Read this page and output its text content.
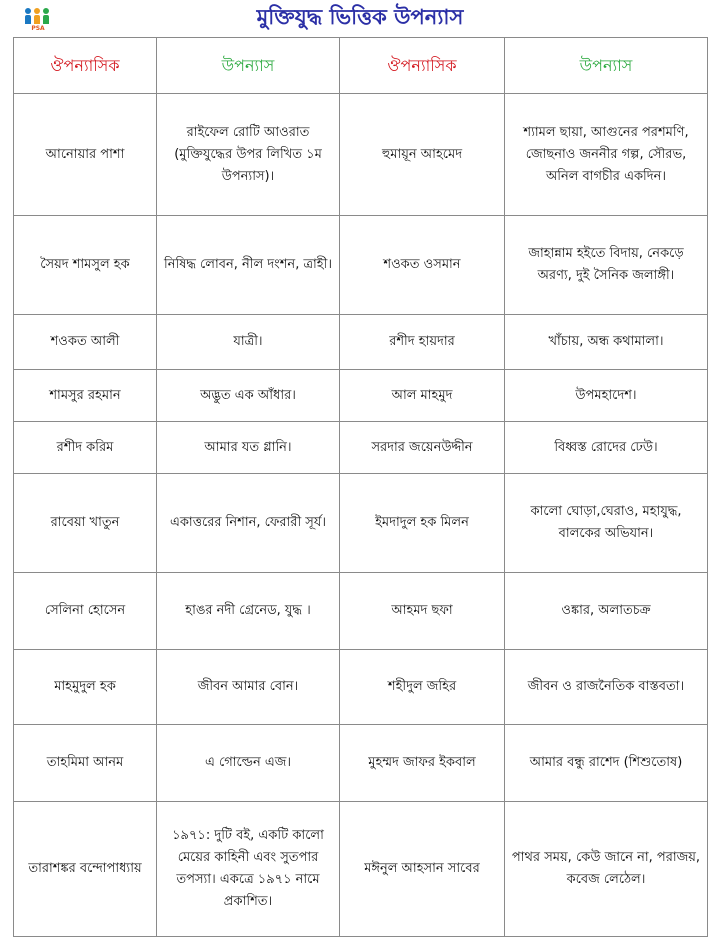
PSA	মুক্তিযুদ্ধ ভিত্তিক উপন্যাস
ঔপন্যাসিক	উপন্যাস	ঔপন্যাসিক	উপন্যাস
আনোয়ার পাশা	রাইফেল রোটি আওরাত (মুক্তিযুদ্ধের উপর লিখিত ১ম উপন্যাস)।	হুমায়ূন আহমেদ	শ্যামল ছায়া, আগুনের পরশমণি, জোছনাও জননীর গল্প, সৌরভ, অনিল বাগচীর একদিন।
সৈয়দ শামসুল হক	নিষিদ্ধ লোবন, নীল দংশন, ত্রাহী।	শওকত ওসমান	জাহান্নাম হইতে বিদায়, নেকড়ে অরণ্য, দুই সৈনিক জলাঙ্গী।
শওকত আলী	যাত্রী।	রশীদ হায়দার	খাঁচায়, অন্ধ কথামালা।
শামসুর রহমান	অদ্ভুত এক আঁধার।	আল মাহমুদ	উপমহাদেশ।
রশীদ করিম	আমার যত গ্লানি।	সরদার জয়েনউদ্দীন	বিধ্বস্ত রোদের ঢেউ।
রাবেয়া খাতুন	একাত্তরের নিশান, ফেরারী সূর্য।	ইমদাদুল হক মিলন	কালো ঘোড়া,ঘেরাও, মহাযুদ্ধ, বালকের অভিযান।
সেলিনা হোসেন	হাঙর নদী গ্রেনেড, যুদ্ধ ।	আহমদ ছফা	ওঙ্কার, অলাতচক্র
মাহমুদুল হক	জীবন আমার বোন।	শহীদুল জহির	জীবন ও রাজনৈতিক বাস্তবতা।
তাহমিমা আনম	এ গোল্ডেন এজ।	মুহম্মদ জাফর ইকবাল	আমার বন্ধু রাশেদ (শিশুতোষ)
তারাশঙ্কর বন্দোপাধ্যায়	১৯৭১: দুটি বই, একটি কালো মেয়ের কাহিনী এবং সুতপার তপস্যা। একত্রে ১৯৭১ নামে প্রকাশিত।	মঈনুল আহসান সাবের	পাথর সময়, কেউ জানে না, পরাজয়, কবেজ লেঠেল।
